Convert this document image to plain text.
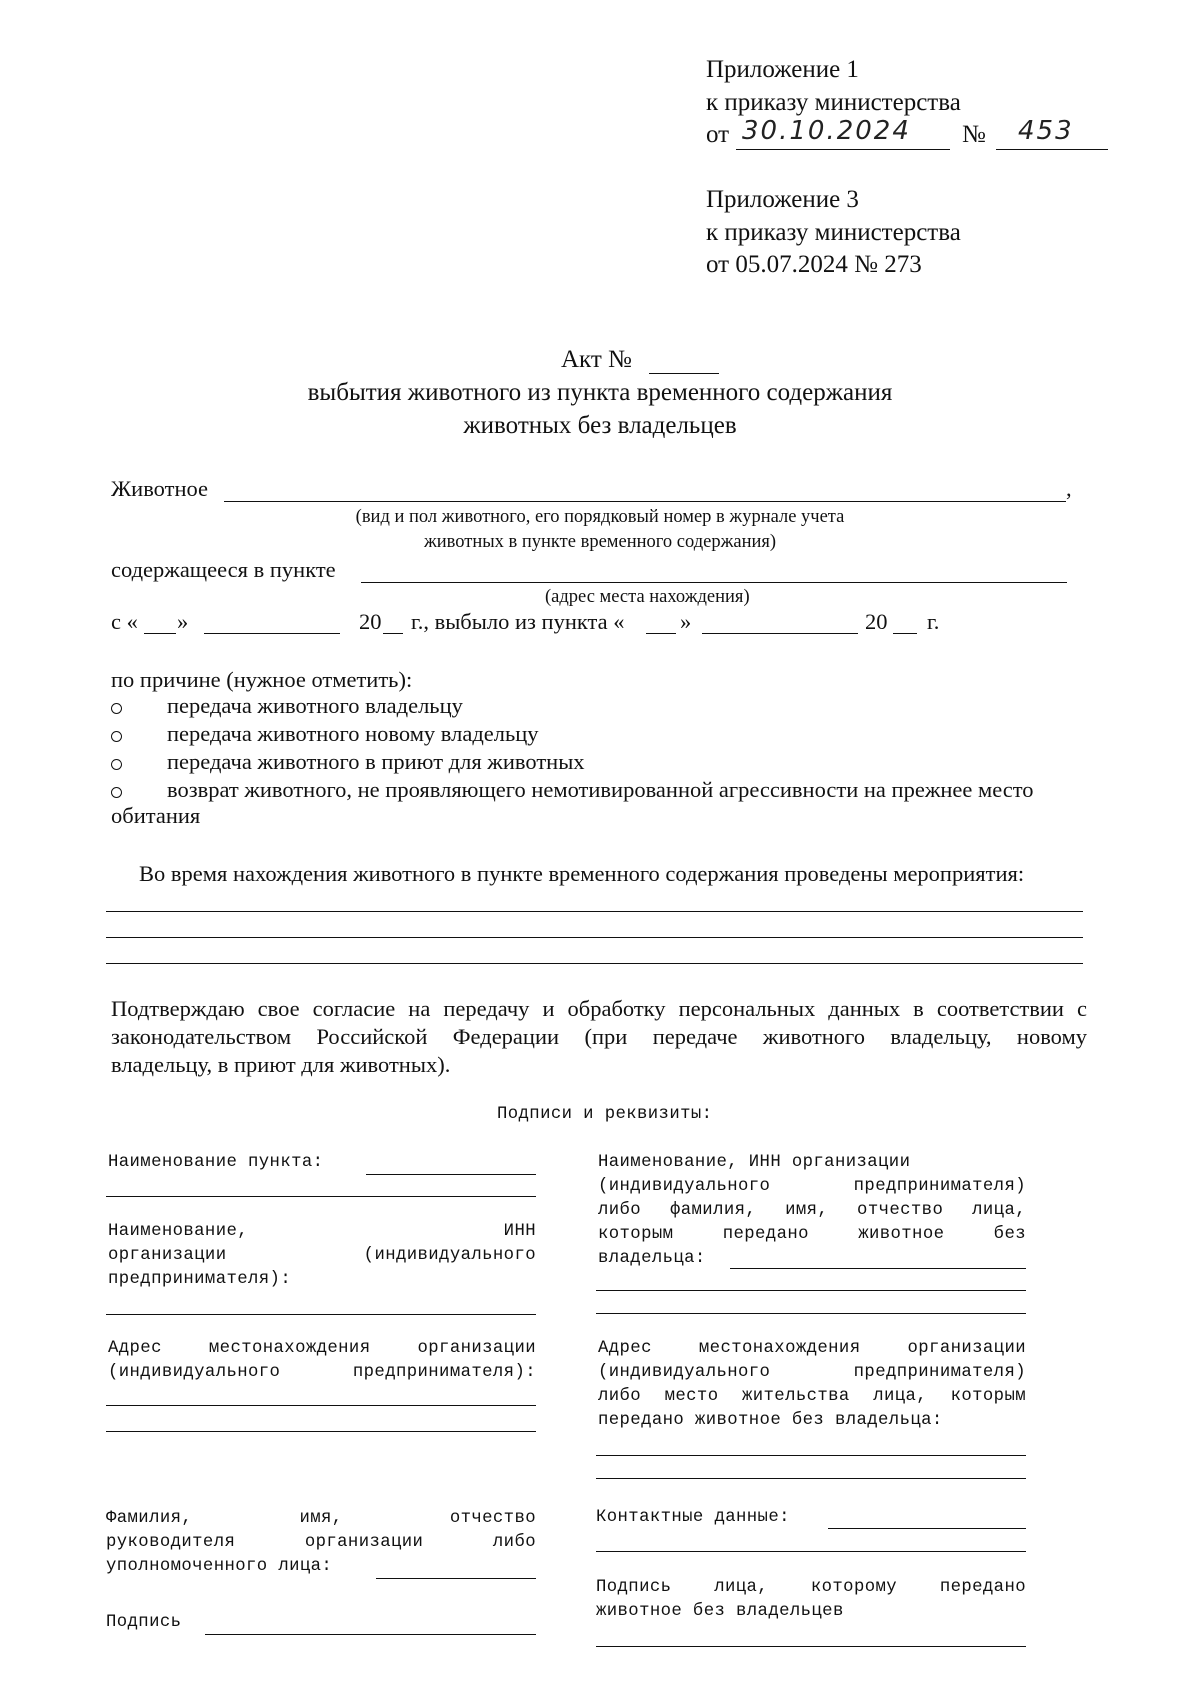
Приложение 1
к приказу министерства
от 30.10.2024 № 453
Приложение 3
к приказу министерства
от 05.07.2024 № 273
Акт №
выбытия животного из пункта временного содержания
животных без владельцев
Животное	,
(вид и пол животного, его порядковый номер в журнале учета
животных в пункте временного содержания)
содержащееся в пункте
(адрес места нахождения)
с « »	20 г., выбыло из пункта « »	20 г.
по причине (нужное отметить):
передача животного владельцу
передача животного новому владельцу
передача животного в приют для животных
возврат животного, не проявляющего немотивированной агрессивности на прежнее место
обитания
Во время нахождения животного в пункте временного содержания проведены мероприятия:
Подтверждаю свое согласие на передачу и обработку персональных данных в соответствии с
законодательством Российской Федерации (при передаче животного владельцу, новому
владельцу, в приют для животных).
Подписи и реквизиты:
Наименование пункта:
Наименование, ИНН
организации (индивидуального
предпринимателя):
Адрес местонахождения организации
(индивидуального предпринимателя):
Фамилия, имя, отчество
руководителя организации либо
уполномоченного лица:
Подпись
Наименование, ИНН организации
(индивидуального предпринимателя)
либо фамилия, имя, отчество лица,
которым передано животное без
владельца:
Адрес местонахождения организации
(индивидуального предпринимателя)
либо место жительства лица, которым
передано животное без владельца:
Контактные данные:
Подпись лица, которому передано
животное без владельцев
